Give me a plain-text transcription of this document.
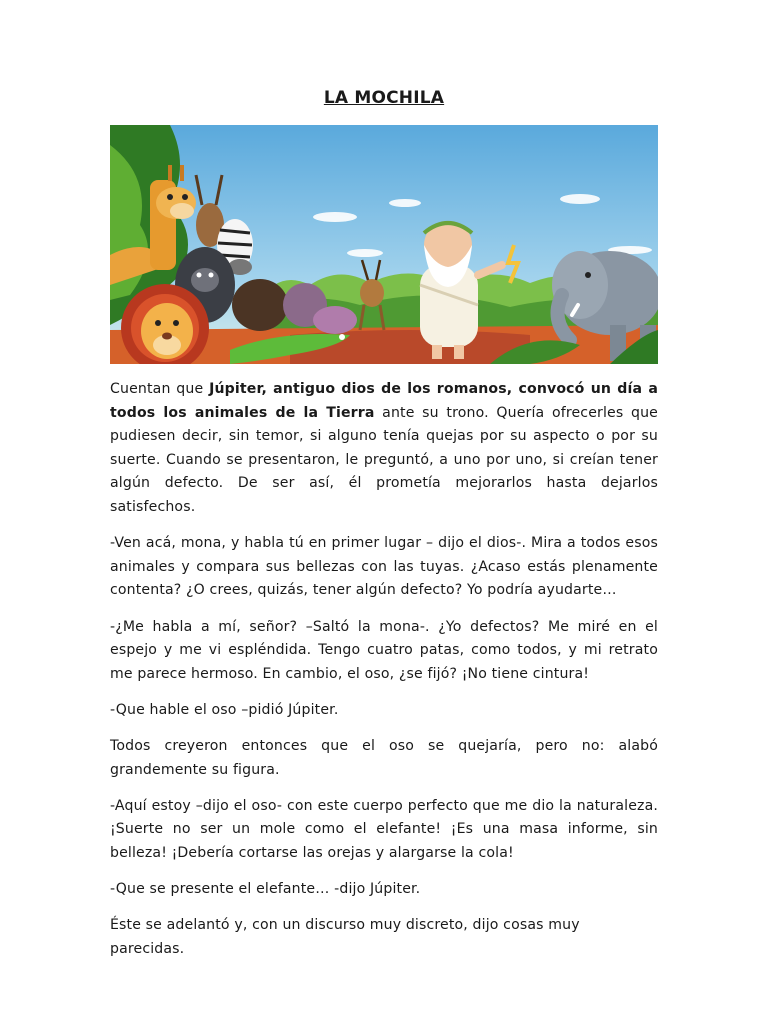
LA MOCHILA

Cuentan que Júpiter, antiguo dios de los romanos, convocó un día a todos los animales de la Tierra ante su trono. Quería ofrecerles que pudiesen decir, sin temor, si alguno tenía quejas por su aspecto o por su suerte. Cuando se presentaron, le preguntó, a uno por uno, si creían tener algún defecto. De ser así, él prometía mejorarlos hasta dejarlos satisfechos.

-Ven acá, mona, y habla tú en primer lugar – dijo el dios-. Mira a todos esos animales y compara sus bellezas con las tuyas. ¿Acaso estás plenamente contenta? ¿O crees, quizás, tener algún defecto? Yo podría ayudarte…

-¿Me habla a mí, señor? –Saltó la mona-. ¿Yo defectos? Me miré en el espejo y me vi espléndida. Tengo cuatro patas, como todos, y mi retrato me parece hermoso. En cambio, el oso, ¿se fijó? ¡No tiene cintura!

-Que hable el oso –pidió Júpiter.

Todos creyeron entonces que el oso se quejaría, pero no: alabó grandemente su figura.

-Aquí estoy –dijo el oso- con este cuerpo perfecto que me dio la naturaleza. ¡Suerte no ser un mole como el elefante! ¡Es una masa informe, sin belleza! ¡Debería cortarse las orejas y alargarse la cola!

-Que se presente el elefante… -dijo Júpiter.

Éste se adelantó y, con un discurso muy discreto, dijo cosas muy parecidas.
